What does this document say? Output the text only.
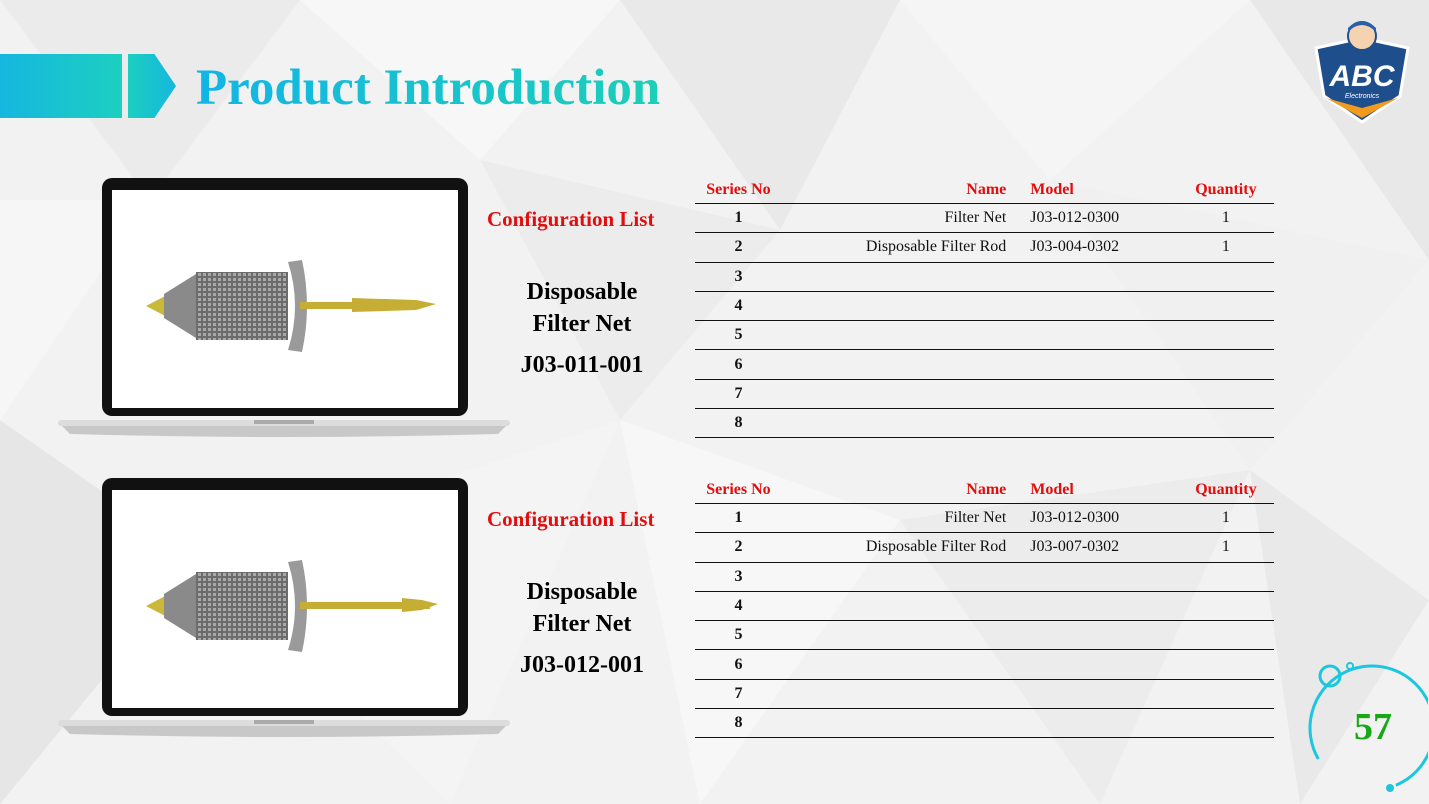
Product Introduction	ABC
Electronics
Configuration List
Disposable
Filter Net
J03-011-001
Configuration List
Disposable
Filter Net
J03-012-001
Series No	Name	Model	Quantity
1	Filter Net	J03-012-0300	1
2	Disposable Filter Rod	J03-004-0302	1
3			
4			
5			
6			
7			
8			
Series No	Name	Model	Quantity
1	Filter Net	J03-012-0300	1
2	Disposable Filter Rod	J03-007-0302	1
3			
4			
5			
6			
7			
8				57
